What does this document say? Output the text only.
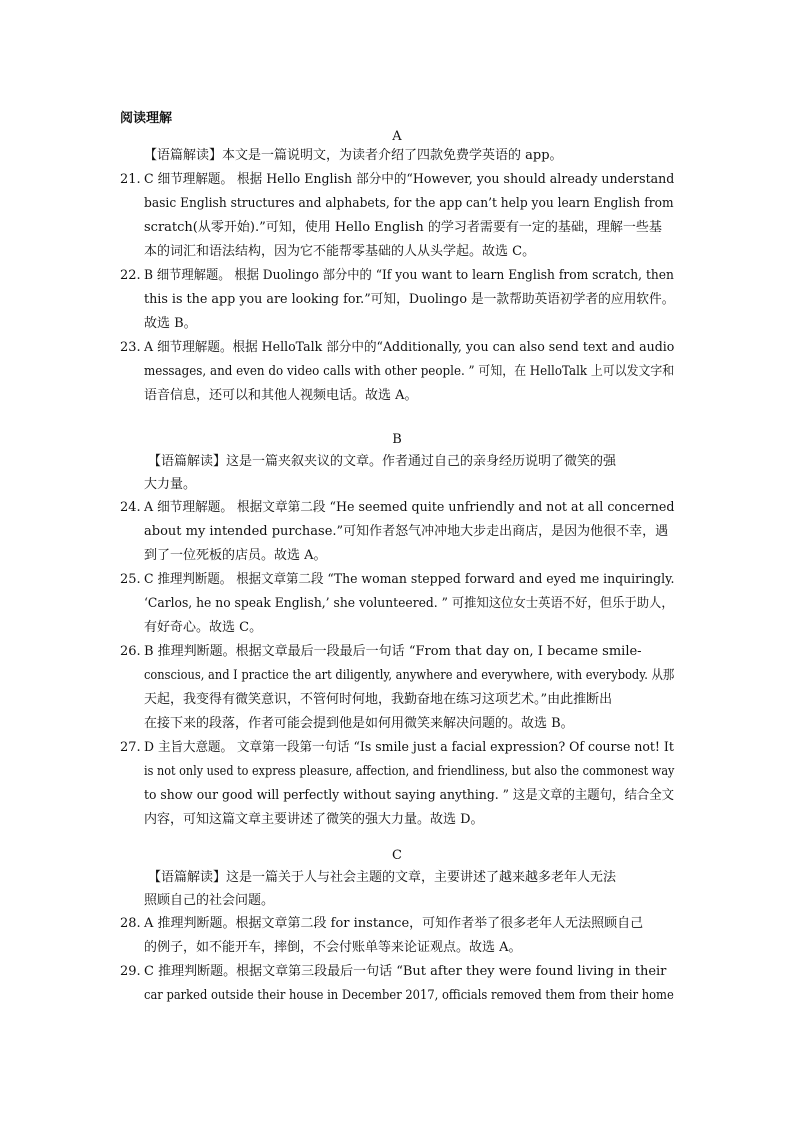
阅读理解
A
【语篇解读】本文是一篇说明文，为读者介绍了四款免费学英语的 app。
21. C 细节理解题。 根据 Hello English 部分中的“However, you should already understand
basic English structures and alphabets, for the app can’t help you learn English from
scratch(从零开始).”可知，使用 Hello English 的学习者需要有一定的基础，理解一些基
本的词汇和语法结构，因为它不能帮零基础的人从头学起。故选 C。
22. B 细节理解题。 根据 Duolingo 部分中的 “If you want to learn English from scratch, then
this is the app you are looking for.”可知，Duolingo 是一款帮助英语初学者的应用软件。
故选 B。
23. A 细节理解题。根据 HelloTalk 部分中的“Additionally, you can also send text and audio
messages, and even do video calls with other people. ” 可知，在 HelloTalk 上可以发文字和
语音信息，还可以和其他人视频电话。故选 A。
B
【语篇解读】这是一篇夹叙夹议的文章。作者通过自己的亲身经历说明了微笑的强
大力量。
24. A 细节理解题。 根据文章第二段 “He seemed quite unfriendly and not at all concerned
about my intended purchase.”可知作者怒气冲冲地大步走出商店，是因为他很不幸，遇
到了一位死板的店员。故选 A。
25. C 推理判断题。 根据文章第二段 “The woman stepped forward and eyed me inquiringly.
‘Carlos, he no speak English,’ she volunteered. ” 可推知这位女士英语不好，但乐于助人，
有好奇心。故选 C。
26. B 推理判断题。根据文章最后一段最后一句话 “From that day on, I became smile-
conscious, and I practice the art diligently, anywhere and everywhere, with everybody. 从那
天起，我变得有微笑意识，不管何时何地，我勤奋地在练习这项艺术。”由此推断出
在接下来的段落，作者可能会提到他是如何用微笑来解决问题的。故选 B。
27. D 主旨大意题。 文章第一段第一句话 “Is smile just a facial expression? Of course not! It
is not only used to express pleasure, affection, and friendliness, but also the commonest way
to show our good will perfectly without saying anything. ” 这是文章的主题句，结合全文
内容，可知这篇文章主要讲述了微笑的强大力量。故选 D。
C
【语篇解读】这是一篇关于人与社会主题的文章，主要讲述了越来越多老年人无法
照顾自己的社会问题。
28. A 推理判断题。根据文章第二段 for instance，可知作者举了很多老年人无法照顾自己
的例子，如不能开车，摔倒，不会付账单等来论证观点。故选 A。
29. C 推理判断题。根据文章第三段最后一句话 “But after they were found living in their
car parked outside their house in December 2017, officials removed them from their home
